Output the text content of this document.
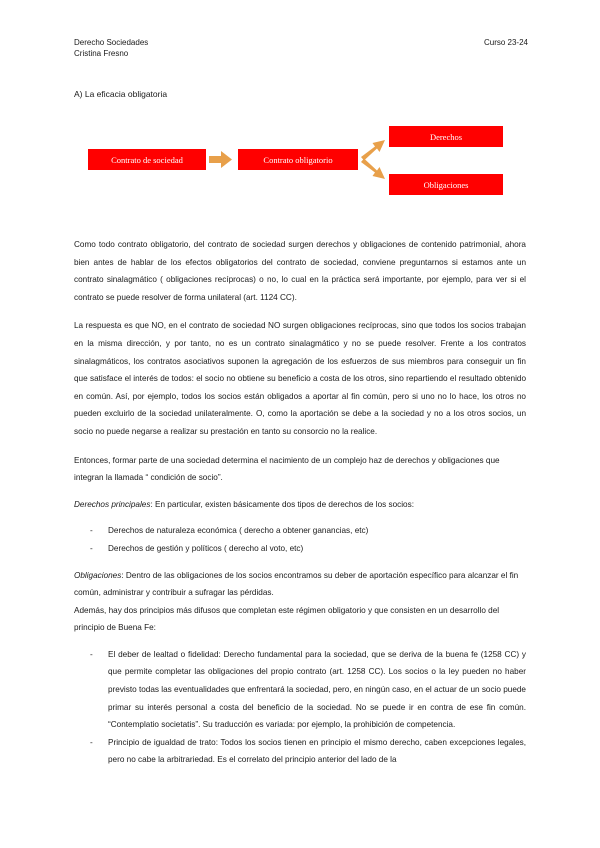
Derecho Sociedades
Cristina Fresno
Curso 23-24
A) La eficacia obligatoria
Contrato de sociedad	Contrato obligatorio
Derechos
Obligaciones

Como todo contrato obligatorio, del contrato de sociedad surgen derechos y obligaciones de contenido patrimonial, ahora bien antes de hablar de los efectos obligatorios del contrato de sociedad, conviene preguntarnos si estamos ante un contrato sinalagmático ( obligaciones recíprocas) o no, lo cual en la práctica será importante, por ejemplo, para ver si el contrato se puede resolver de forma unilateral (art. 1124 CC).

La respuesta es que NO, en el contrato de sociedad NO surgen obligaciones recíprocas, sino que todos los socios trabajan en la misma dirección, y por tanto, no es un contrato sinalagmático y no se puede resolver. Frente a los contratos sinalagmáticos, los contratos asociativos suponen la agregación de los esfuerzos de sus miembros para conseguir un fin que satisface el interés de todos: el socio no obtiene su beneficio a costa de los otros, sino repartiendo el resultado obtenido en común. Así, por ejemplo, todos los socios están obligados a aportar al fin común, pero si uno no lo hace, los otros no pueden excluirlo de la sociedad unilateralmente. O, como la aportación se debe a la sociedad y no a los otros socios, un socio no puede negarse a realizar su prestación en tanto su consorcio no la realice.

Entonces, formar parte de una sociedad determina el nacimiento de un complejo haz de derechos y obligaciones que integran la llamada “ condición de socio”.

Derechos principales: En particular, existen básicamente dos tipos de derechos de los socios:

- Derechos de naturaleza económica ( derecho a obtener ganancias, etc)
- Derechos de gestión y políticos ( derecho al voto, etc)

Obligaciones: Dentro de las obligaciones de los socios encontramos su deber de aportación específico para alcanzar el fin común, administrar y contribuir a sufragar las pérdidas.

Además, hay dos principios más difusos que completan este régimen obligatorio y que consisten en un desarrollo del principio de Buena Fe:

- El deber de lealtad o fidelidad: Derecho fundamental para la sociedad, que se deriva de la buena fe (1258 CC) y que permite completar las obligaciones del propio contrato (art. 1258 CC). Los socios o la ley pueden no haber previsto todas las eventualidades que enfrentará la sociedad, pero, en ningún caso, en el actuar de un socio puede primar su interés personal a costa del beneficio de la sociedad. No se puede ir en contra de ese fin común. “Contemplatio societatis”. Su traducción es variada: por ejemplo, la prohibición de competencia.
- Principio de igualdad de trato: Todos los socios tienen en principio el mismo derecho, caben excepciones legales, pero no cabe la arbitrariedad. Es el correlato del principio anterior del lado de la
